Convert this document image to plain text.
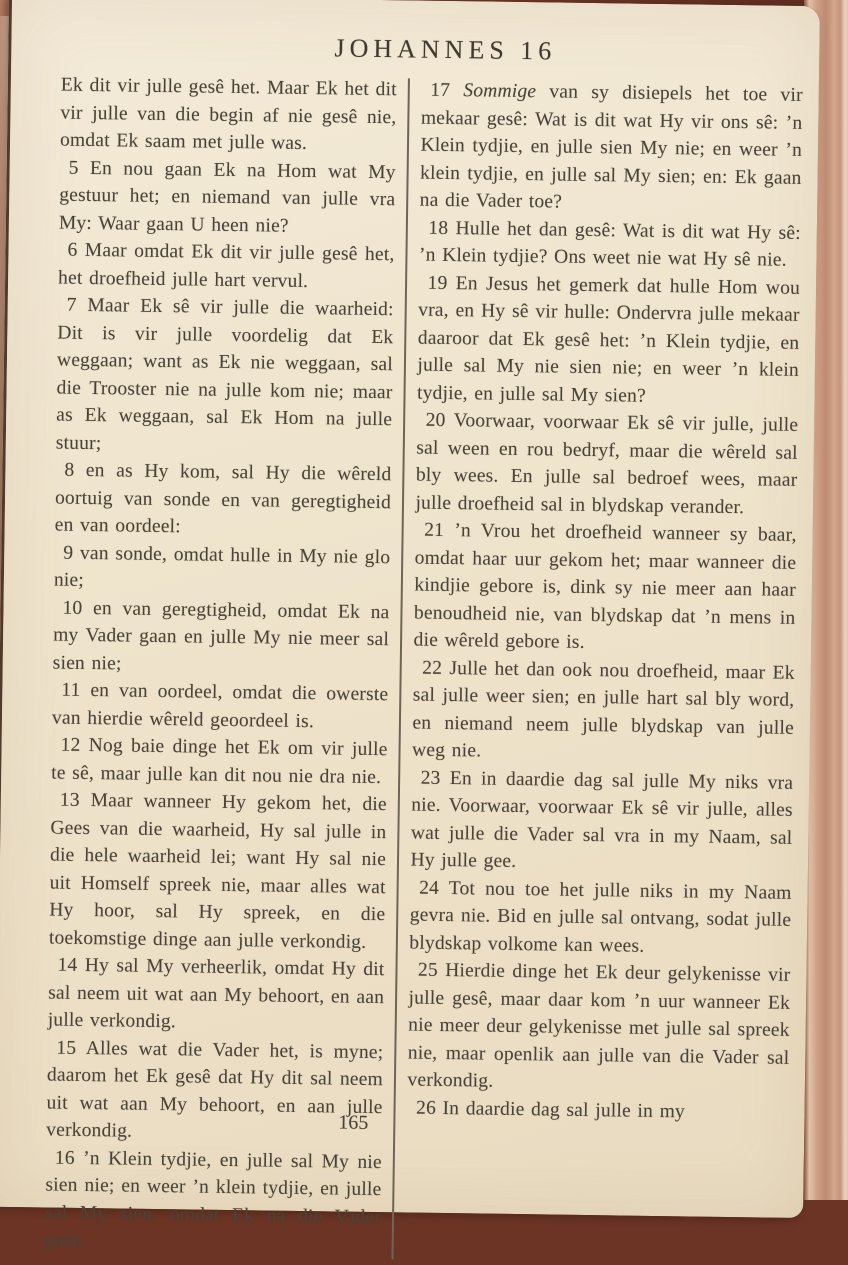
JOHANNES 16

Ek dit vir julle gesê het. Maar Ek het dit vir julle van die begin af nie gesê nie, omdat Ek saam met julle was.

5 En nou gaan Ek na Hom wat My gestuur het; en niemand van julle vra My: Waar gaan U heen nie?

6 Maar omdat Ek dit vir julle gesê het, het droefheid julle hart vervul.

7 Maar Ek sê vir julle die waarheid: Dit is vir julle voordelig dat Ek weggaan; want as Ek nie weggaan, sal die Trooster nie na julle kom nie; maar as Ek weggaan, sal Ek Hom na julle stuur;

8 en as Hy kom, sal Hy die wêreld oortuig van sonde en van geregtigheid en van oordeel:

9 van sonde, omdat hulle in My nie glo nie;

10 en van geregtigheid, omdat Ek na my Vader gaan en julle My nie meer sal sien nie;

11 en van oordeel, omdat die owerste van hierdie wêreld geoordeel is.

12 Nog baie dinge het Ek om vir julle te sê, maar julle kan dit nou nie dra nie.

13 Maar wanneer Hy gekom het, die Gees van die waarheid, Hy sal julle in die hele waarheid lei; want Hy sal nie uit Homself spreek nie, maar alles wat Hy hoor, sal Hy spreek, en die toekomstige dinge aan julle verkondig.

14 Hy sal My verheerlik, omdat Hy dit sal neem uit wat aan My behoort, en aan julle verkondig.

15 Alles wat die Vader het, is myne; daarom het Ek gesê dat Hy dit sal neem uit wat aan My behoort, en aan julle verkondig.

16 ’n Klein tydjie, en julle sal My nie sien nie; en weer ’n klein tydjie, en julle sal My sien, omdat Ek na die Vader gaan.

17 Sommige van sy disiepels het toe vir mekaar gesê: Wat is dit wat Hy vir ons sê: ’n Klein tydjie, en julle sien My nie; en weer ’n klein tydjie, en julle sal My sien; en: Ek gaan na die Vader toe?

18 Hulle het dan gesê: Wat is dit wat Hy sê: ’n Klein tydjie? Ons weet nie wat Hy sê nie.

19 En Jesus het gemerk dat hulle Hom wou vra, en Hy sê vir hulle: Ondervra julle mekaar daaroor dat Ek gesê het: ’n Klein tydjie, en julle sal My nie sien nie; en weer ’n klein tydjie, en julle sal My sien?

20 Voorwaar, voorwaar Ek sê vir julle, julle sal ween en rou bedryf, maar die wêreld sal bly wees. En julle sal bedroef wees, maar julle droefheid sal in blydskap verander.

21 ’n Vrou het droefheid wanneer sy baar, omdat haar uur gekom het; maar wanneer die kindjie gebore is, dink sy nie meer aan haar benoudheid nie, van blydskap dat ’n mens in die wêreld gebore is.

22 Julle het dan ook nou droefheid, maar Ek sal julle weer sien; en julle hart sal bly word, en niemand neem julle blydskap van julle weg nie.

23 En in daardie dag sal julle My niks vra nie. Voorwaar, voorwaar Ek sê vir julle, alles wat julle die Vader sal vra in my Naam, sal Hy julle gee.

24 Tot nou toe het julle niks in my Naam gevra nie. Bid en julle sal ontvang, sodat julle blydskap volkome kan wees.

25 Hierdie dinge het Ek deur gelykenisse vir julle gesê, maar daar kom ’n uur wanneer Ek nie meer deur gelykenisse met julle sal spreek nie, maar openlik aan julle van die Vader sal verkondig.

26 In daardie dag sal julle in my

165
